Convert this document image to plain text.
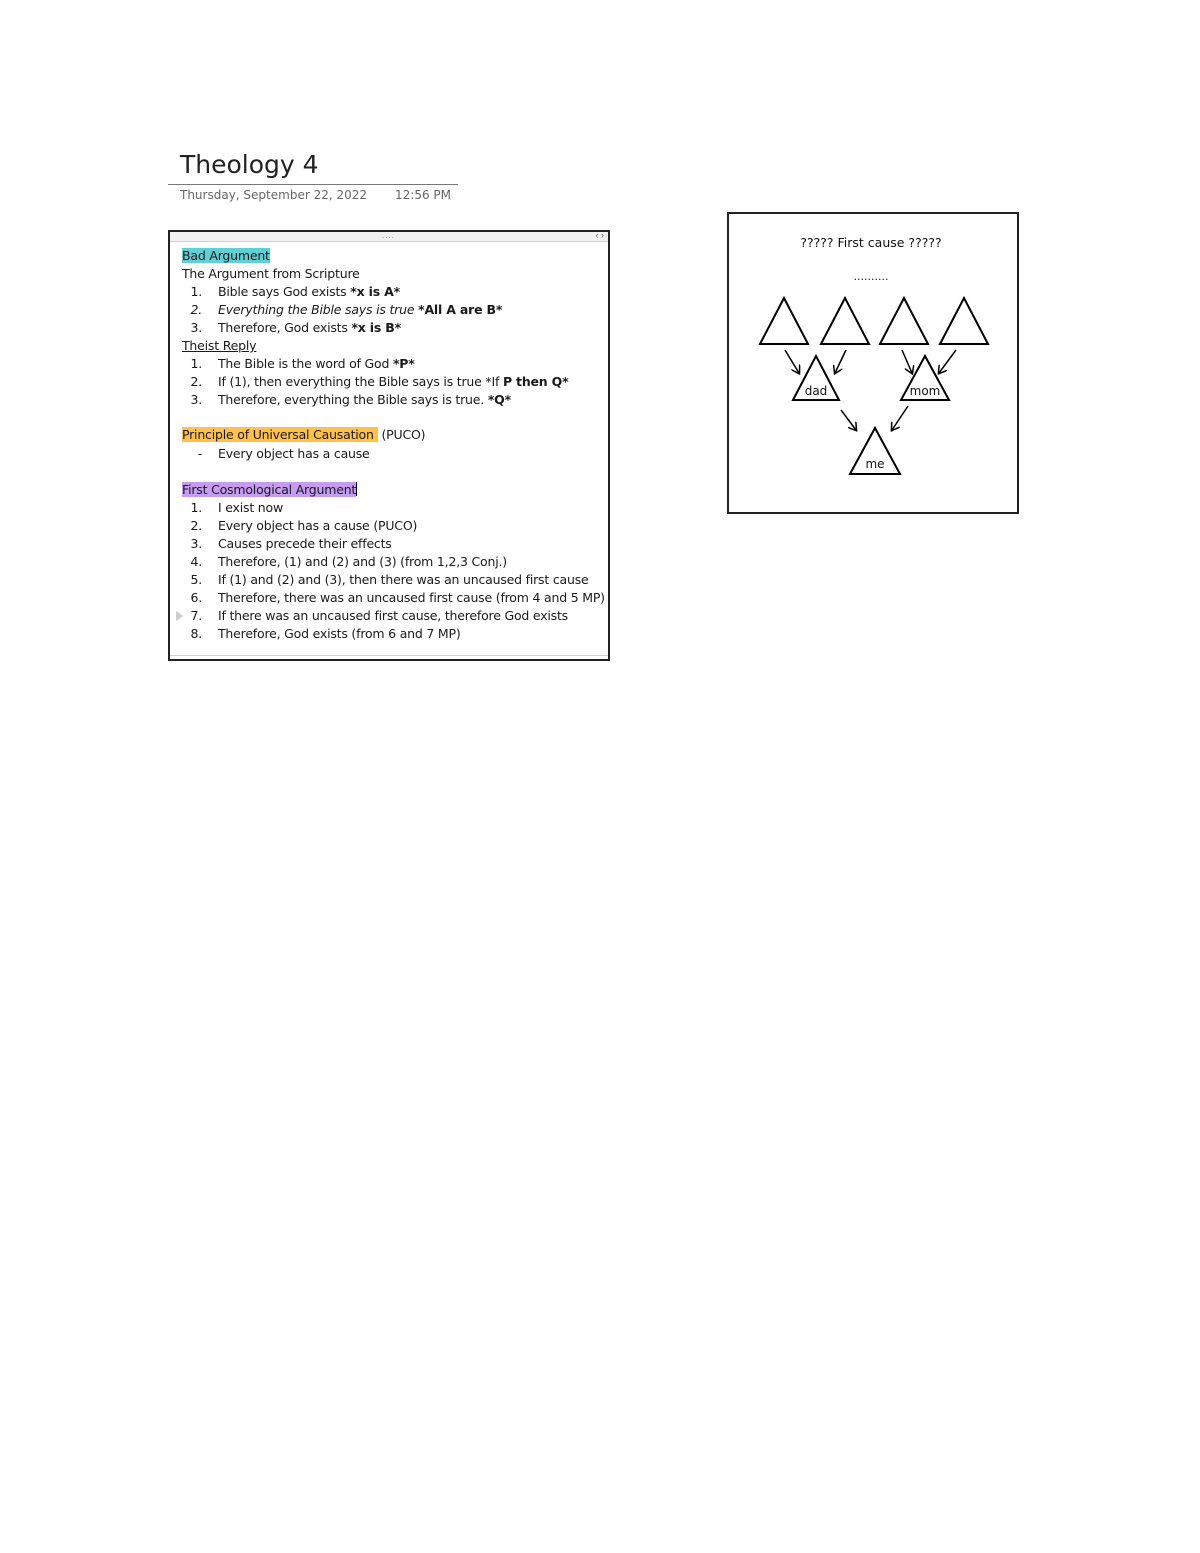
Theology 4
Thursday, September 22, 2022 12:56 PM
....	‹ ›
Bad Argument
The Argument from Scripture
1. Bible says God exists *x is A*
2. Everything the Bible says is true *All A are B*
3. Therefore, God exists *x is B*
Theist Reply
1. The Bible is the word of God *P*
2. If (1), then everything the Bible says is true *If P then Q*
3. Therefore, everything the Bible says is true. *Q*
Principle of Universal Causation (PUCO)
- Every object has a cause
First Cosmological Argument
1. I exist now
2. Every object has a cause (PUCO)
3. Causes precede their effects
4. Therefore, (1) and (2) and (3) (from 1,2,3 Conj.)
5. If (1) and (2) and (3), then there was an uncaused first cause
6. Therefore, there was an uncaused first cause (from 4 and 5 MP)
7. If there was an uncaused first cause, therefore God exists
8. Therefore, God exists (from 6 and 7 MP)
????? First cause ?????
..........
dad	mom
me
